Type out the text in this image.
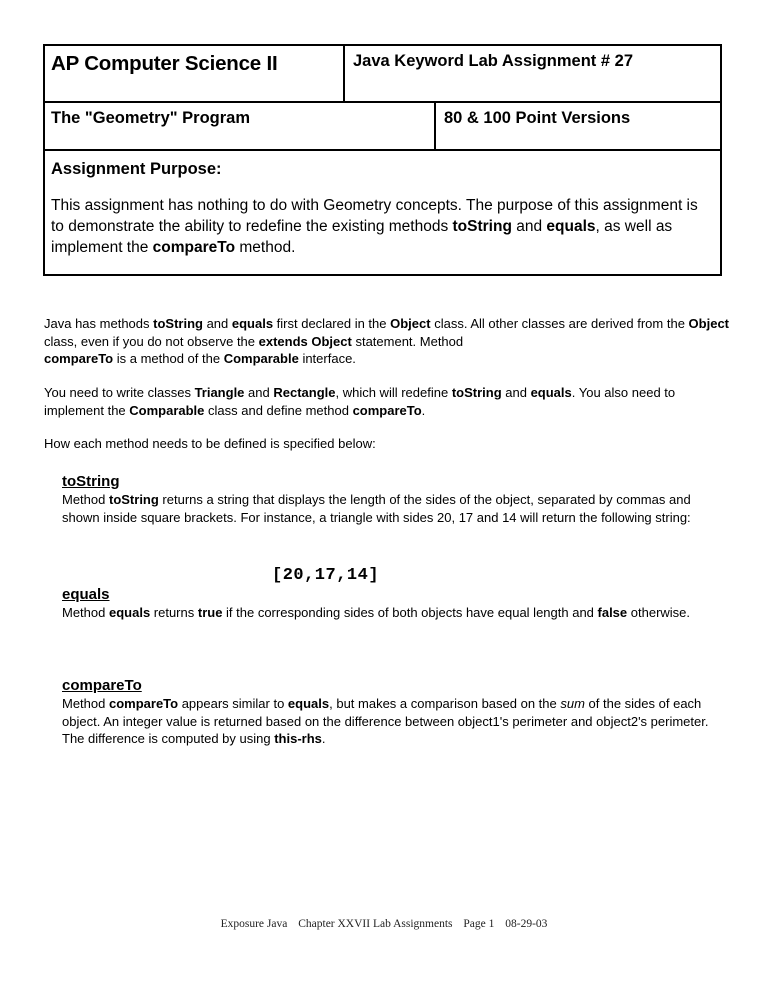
AP Computer Science II	Java Keyword Lab Assignment # 27
The "Geometry" Program	80 & 100 Point Versions
Assignment Purpose:
This assignment has nothing to do with Geometry concepts. The purpose of this assignment is to demonstrate the ability to redefine the existing methods toString and equals, as well as implement the compareTo method.
Java has methods toString and equals first declared in the Object class. All other classes are derived from the Object class, even if you do not observe the extends Object statement. Method
compareTo is a method of the Comparable interface.
You need to write classes Triangle and Rectangle, which will redefine toString and equals. You also need to implement the Comparable class and define method compareTo.
How each method needs to be defined is specified below:
toString
Method toString returns a string that displays the length of the sides of the object, separated by commas and shown inside square brackets. For instance, a triangle with sides 20, 17 and 14 will return the following string:
[20,17,14]
equals
Method equals returns true if the corresponding sides of both objects have equal length and false otherwise.
compareTo
Method compareTo appears similar to equals, but makes a comparison based on the sum of the sides of each object. An integer value is returned based on the difference between object1's perimeter and object2's perimeter. The difference is computed by using this-rhs.
Exposure Java Chapter XXVII Lab Assignments Page 1 08-29-03
